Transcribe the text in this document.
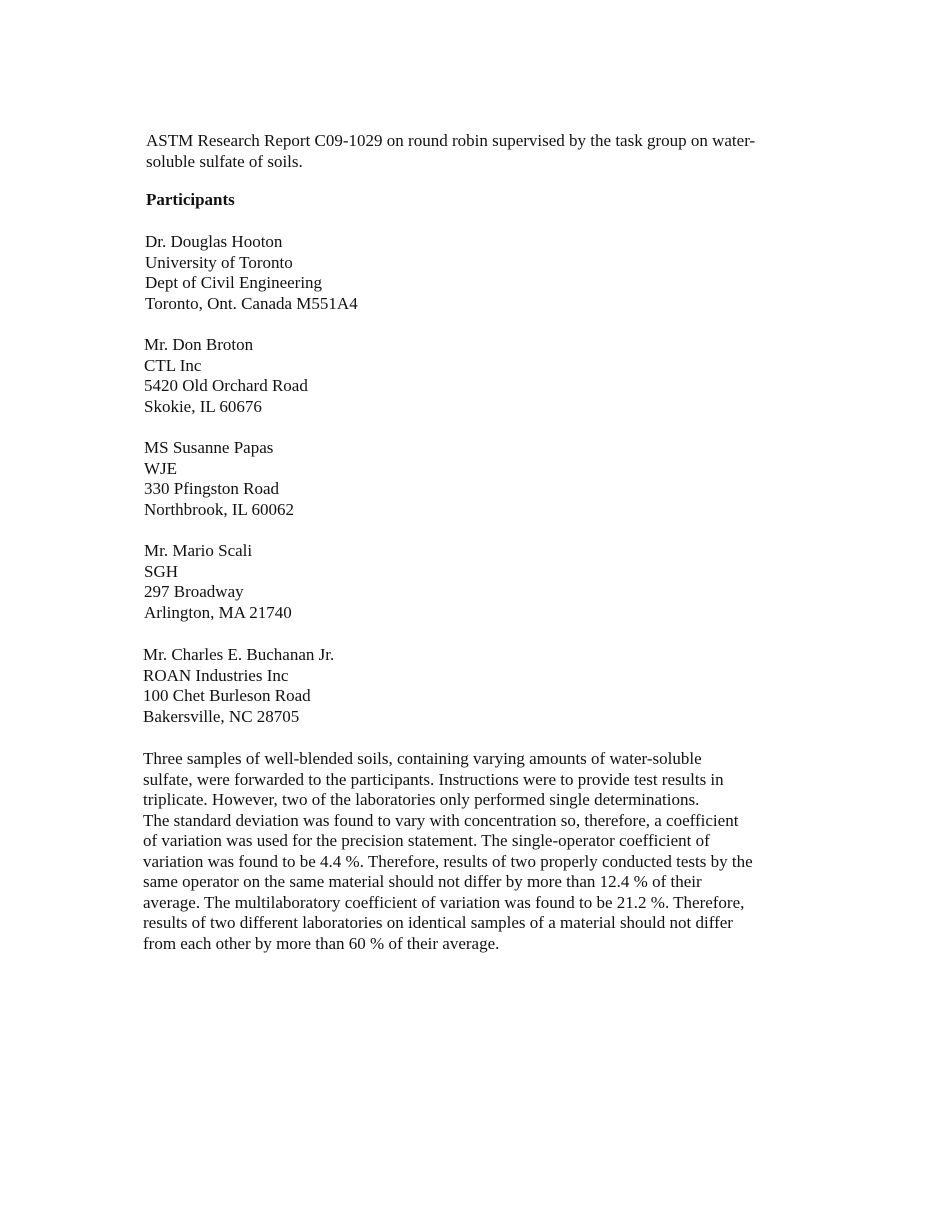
ASTM Research Report C09-1029 on round robin supervised by the task group on water-
soluble sulfate of soils.

Participants

Dr. Douglas Hooton
University of Toronto
Dept of Civil Engineering
Toronto, Ont. Canada M551A4
Mr. Don Broton
CTL Inc
5420 Old Orchard Road
Skokie, IL 60676
MS Susanne Papas
WJE
330 Pfingston Road
Northbrook, IL 60062
Mr. Mario Scali
SGH
297 Broadway
Arlington, MA 21740
Mr. Charles E. Buchanan Jr.
ROAN Industries Inc
100 Chet Burleson Road
Bakersville, NC 28705
Three samples of well-blended soils, containing varying amounts of water-soluble
sulfate, were forwarded to the participants. Instructions were to provide test results in
triplicate. However, two of the laboratories only performed single determinations.
The standard deviation was found to vary with concentration so, therefore, a coefficient
of variation was used for the precision statement. The single-operator coefficient of
variation was found to be 4.4 %. Therefore, results of two properly conducted tests by the
same operator on the same material should not differ by more than 12.4 % of their
average. The multilaboratory coefficient of variation was found to be 21.2 %. Therefore,
results of two different laboratories on identical samples of a material should not differ
from each other by more than 60 % of their average.
